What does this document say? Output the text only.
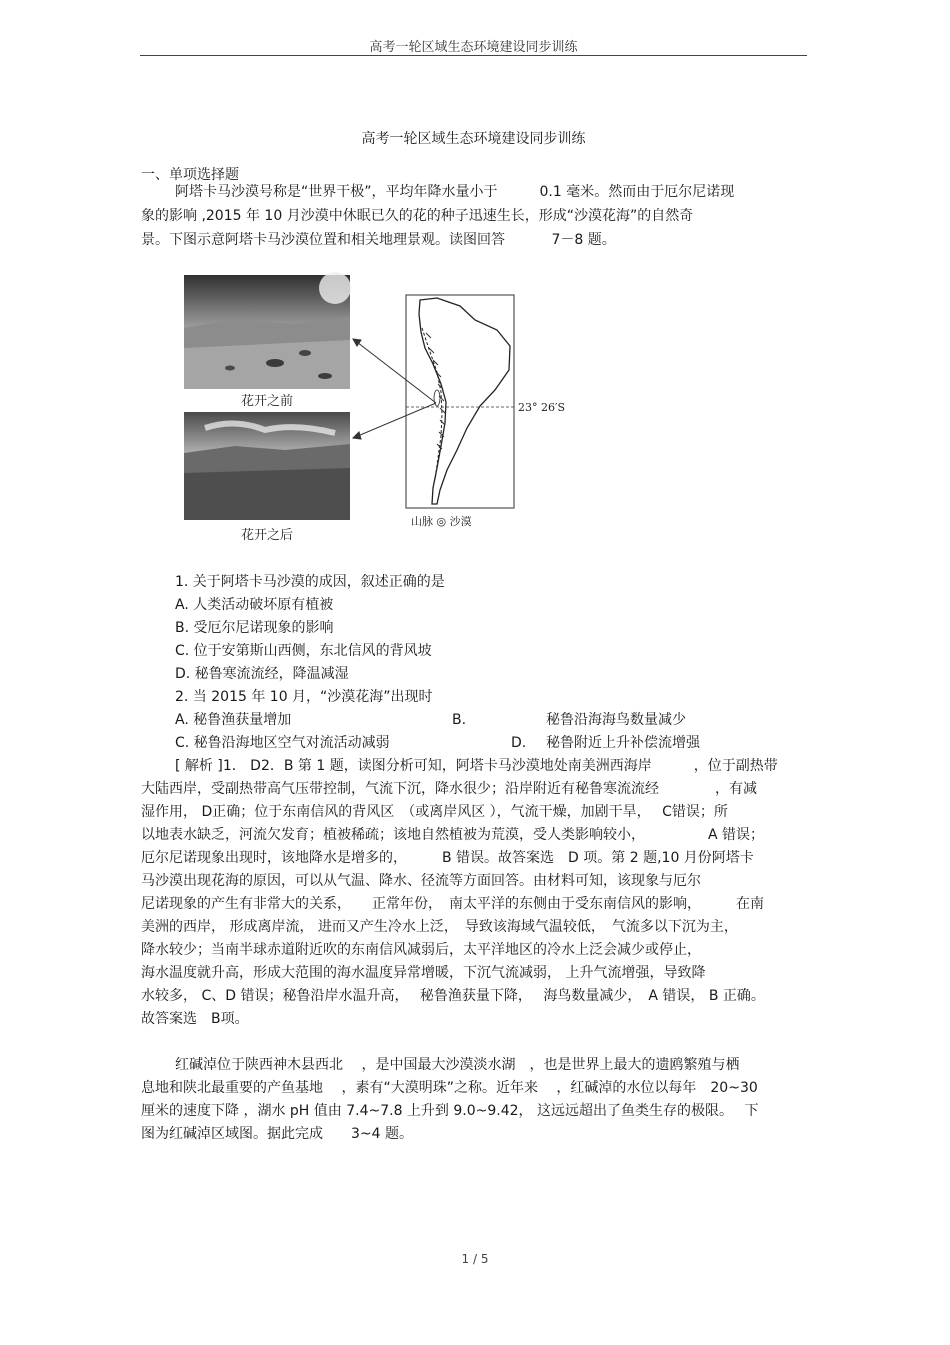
高考一轮区域生态环境建设同步训练
高考一轮区域生态环境建设同步训练
一、单项选择题
阿塔卡马沙漠号称是“世界干极”，平均年降水量小于　　　0.1 毫米。然而由于厄尔尼诺现
象的影响 ,2015 年 10 月沙漠中休眠已久的花的种子迅速生长，形成“沙漠花海”的自然奇
景。下图示意阿塔卡马沙漠位置和相关地理景观。读图回答　　　 7－8 题。
23° 26′S
山脉 ◎ 沙漠
花开之前
花开之后
1. 关于阿塔卡马沙漠的成因，叙述正确的是
A. 人类活动破坏原有植被
B. 受厄尔尼诺现象的影响
C. 位于安第斯山西侧，东北信风的背风坡
D. 秘鲁寒流流经，降温减湿
2. 当 2015 年 10 月，“沙漠花海”出现时
A. 秘鲁渔获量增加	B.	秘鲁沿海海鸟数量减少
C. 秘鲁沿海地区空气对流活动减弱	D. 秘鲁附近上升补偿流增强
[ 解析 ]1． D2．B 第 1 题，读图分析可知，阿塔卡马沙漠地处南美洲西海岸　　　，位于副热带
大陆西岸，受副热带高气压带控制，气流下沉，降水很少；沿岸附近有秘鲁寒流流经　　　　，有减
湿作用， D正确；位于东南信风的背风区　（或离岸风区 ），气流干燥，加剧干旱，　 C错误；所
以地表水缺乏，河流欠发育；植被稀疏；该地自然植被为荒漠，受人类影响较小，　　　　　A 错误；
厄尔尼诺现象出现时，该地降水是增多的，　　　B 错误。故答案选　D 项。第 2 题,10 月份阿塔卡
马沙漠出现花海的原因，可以从气温、降水、径流等方面回答。由材料可知，该现象与厄尔
尼诺现象的产生有非常大的关系，　　正常年份，　南太平洋的东侧由于受东南信风的影响，　　　在南
美洲的西岸， 形成离岸流， 进而又产生冷水上泛，　导致该海域气温较低，　气流多以下沉为主，
降水较少；当南半球赤道附近吹的东南信风减弱后，太平洋地区的冷水上泛会减少或停止，
海水温度就升高，形成大范围的海水温度异常增暖，下沉气流减弱， 上升气流增强，导致降
水较多， C、D 错误；秘鲁沿岸水温升高，　 秘鲁渔获量下降，　 海鸟数量减少，　A 错误， B 正确。
故答案选　B项。
红碱淖位于陕西神木县西北　 ，是中国最大沙漠淡水湖　，也是世界上最大的遗鸥繁殖与栖
息地和陕北最重要的产鱼基地　 ，素有“大漠明珠”之称。近年来　 ，红碱淖的水位以每年　20~30
厘米的速度下降 ，湖水 pH 值由 7.4~7.8 上升到 9.0~9.42， 这远远超出了鱼类生存的极限。　 下
图为红碱淖区域图。据此完成　　3~4 题。
1 / 5
